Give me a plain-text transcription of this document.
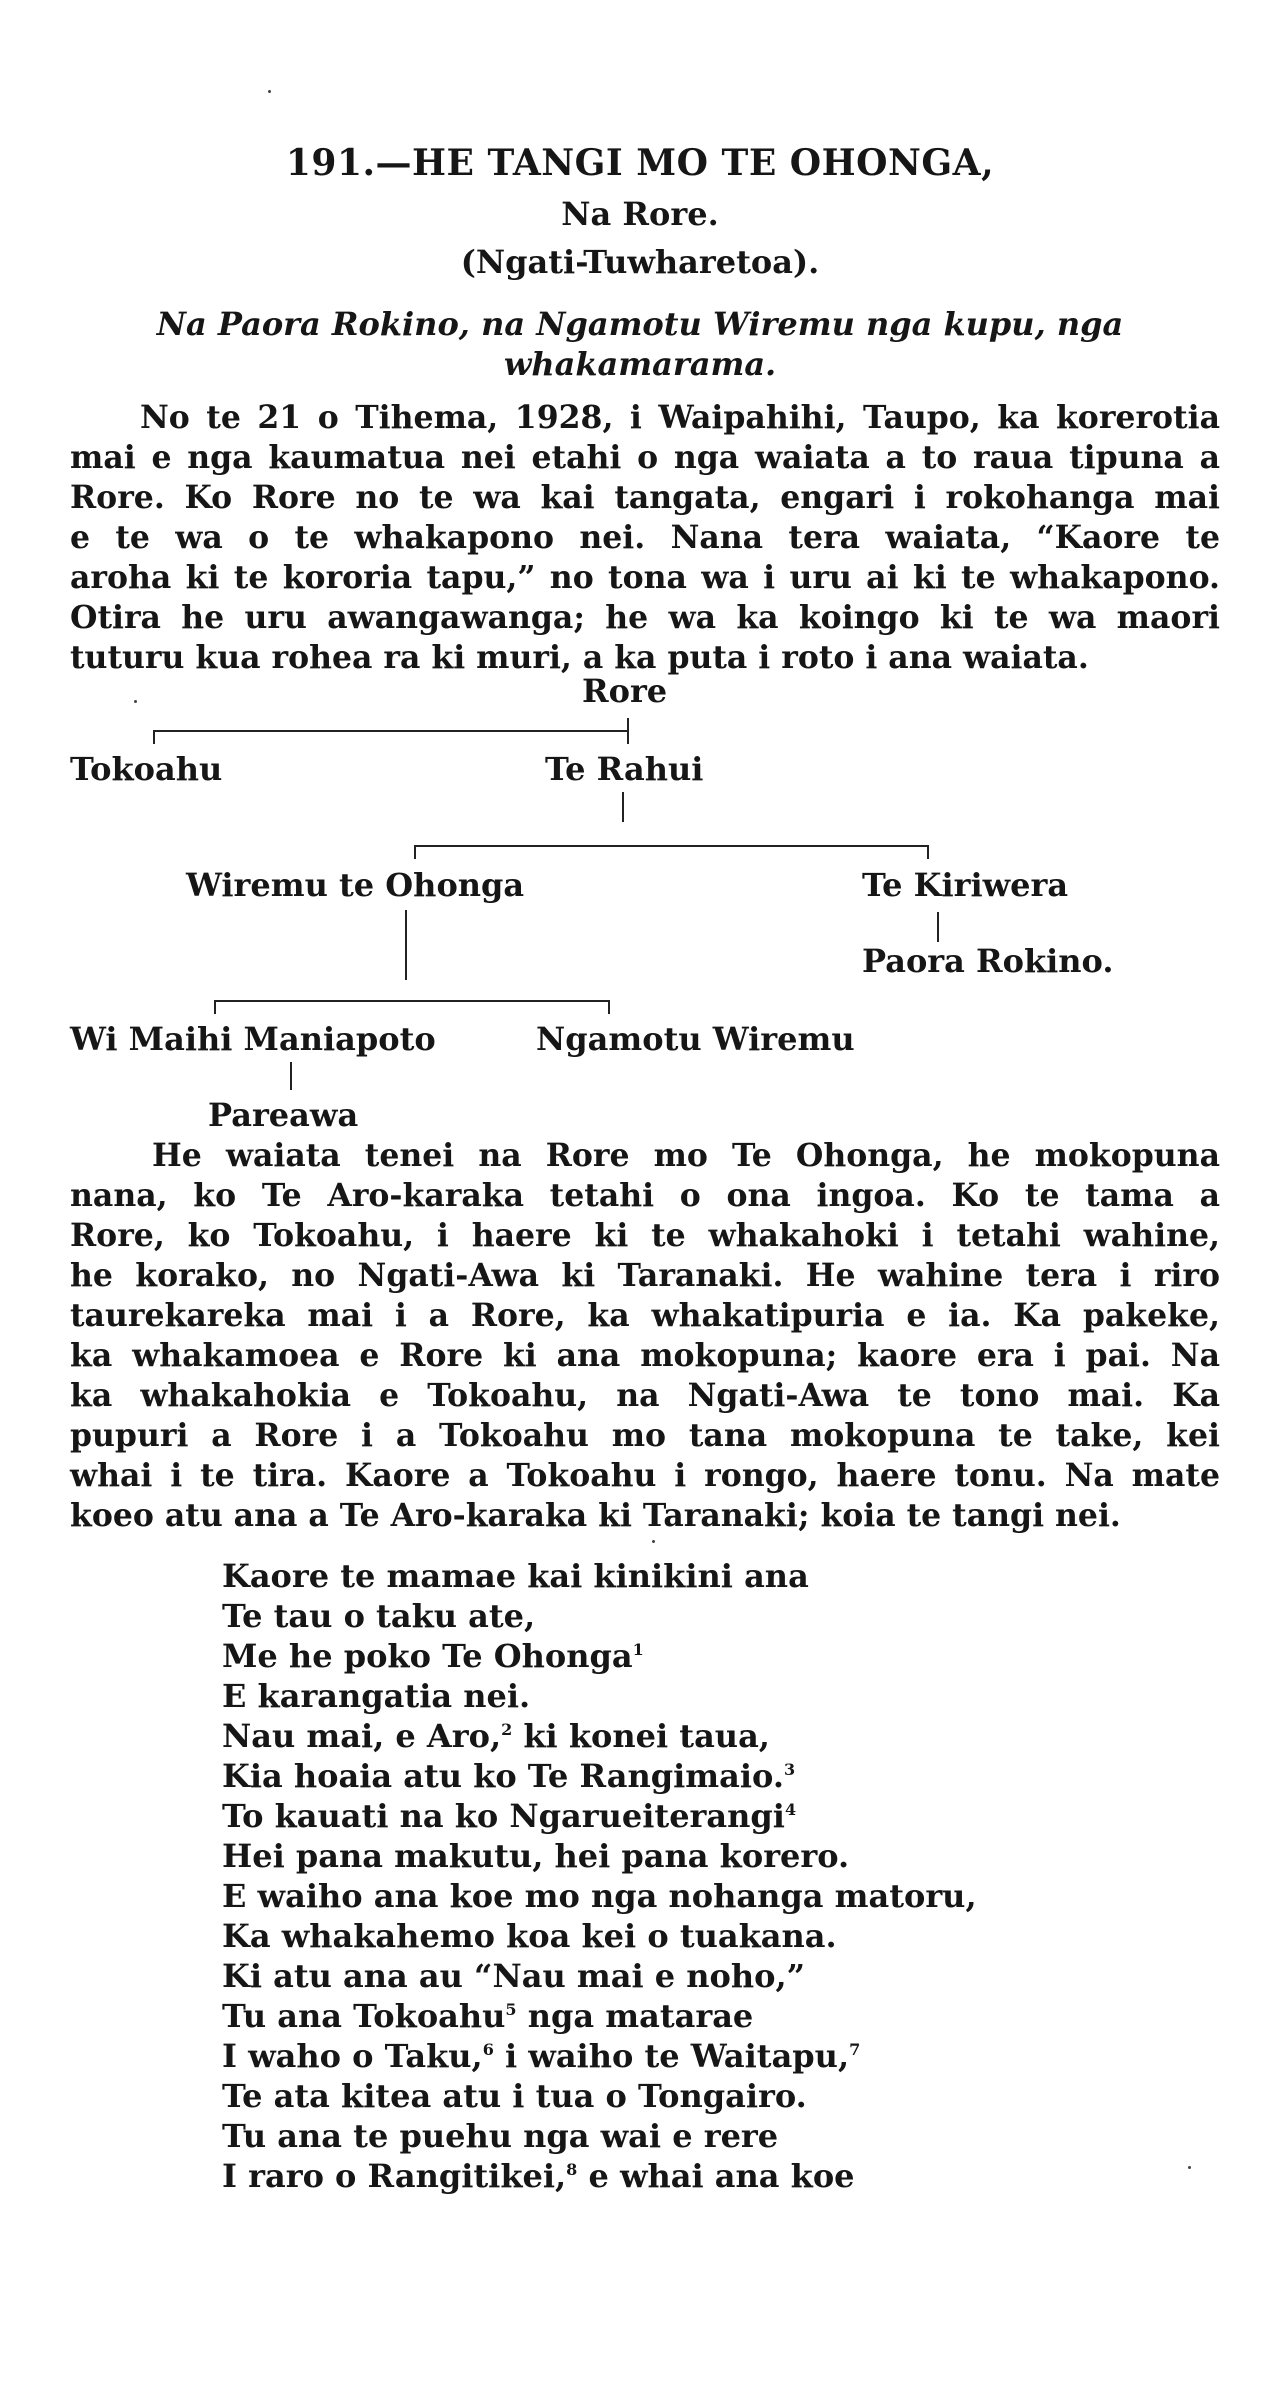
191.—HE TANGI MO TE OHONGA,
Na Rore.
(Ngati-Tuwharetoa).
Na Paora Rokino, na Ngamotu Wiremu nga kupu, nga whakamarama.
No te 21 o Tihema, 1928, i Waipahihi, Taupo, ka korerotia
mai e nga kaumatua nei etahi o nga waiata a to raua tipuna a
Rore. Ko Rore no te wa kai tangata, engari i rokohanga mai
e te wa o te whakapono nei. Nana tera waiata, “Kaore te
aroha ki te kororia tapu,” no tona wa i uru ai ki te whakapono.
Otira he uru awangawanga; he wa ka koingo ki te wa maori
tuturu kua rohea ra ki muri, a ka puta i roto i ana waiata.
Rore
Tokoahu	Te Rahui
Wiremu te Ohonga	Te Kiriwera
Paora Rokino.
Wi Maihi Maniapoto	Ngamotu Wiremu
Pareawa
He waiata tenei na Rore mo Te Ohonga, he mokopuna
nana, ko Te Aro-karaka tetahi o ona ingoa. Ko te tama a
Rore, ko Tokoahu, i haere ki te whakahoki i tetahi wahine,
he korako, no Ngati-Awa ki Taranaki. He wahine tera i riro
taurekareka mai i a Rore, ka whakatipuria e ia. Ka pakeke,
ka whakamoea e Rore ki ana mokopuna; kaore era i pai. Na
ka whakahokia e Tokoahu, na Ngati-Awa te tono mai. Ka
pupuri a Rore i a Tokoahu mo tana mokopuna te take, kei
whai i te tira. Kaore a Tokoahu i rongo, haere tonu. Na mate
koeo atu ana a Te Aro-karaka ki Taranaki; koia te tangi nei.
Kaore te mamae kai kinikini ana
Te tau o taku ate,
Me he poko Te Ohonga$^1$
E karangatia nei.
Nau mai, e Aro,$^2$ ki konei taua,
Kia hoaia atu ko Te Rangimaio.$^3$
To kauati na ko Ngarueiterangi$^4$
Hei pana makutu, hei pana korero.
E waiho ana koe mo nga nohanga matoru,
Ka whakahemo koa kei o tuakana.
Ki atu ana au “Nau mai e noho,”
Tu ana Tokoahu$^5$ nga matarae
I waho o Taku,$^6$ i waiho te Waitapu,$^7$
Te ata kitea atu i tua o Tongairo.
Tu ana te puehu nga wai e rere
I raro o Rangitikei,$^8$ e whai ana koe
